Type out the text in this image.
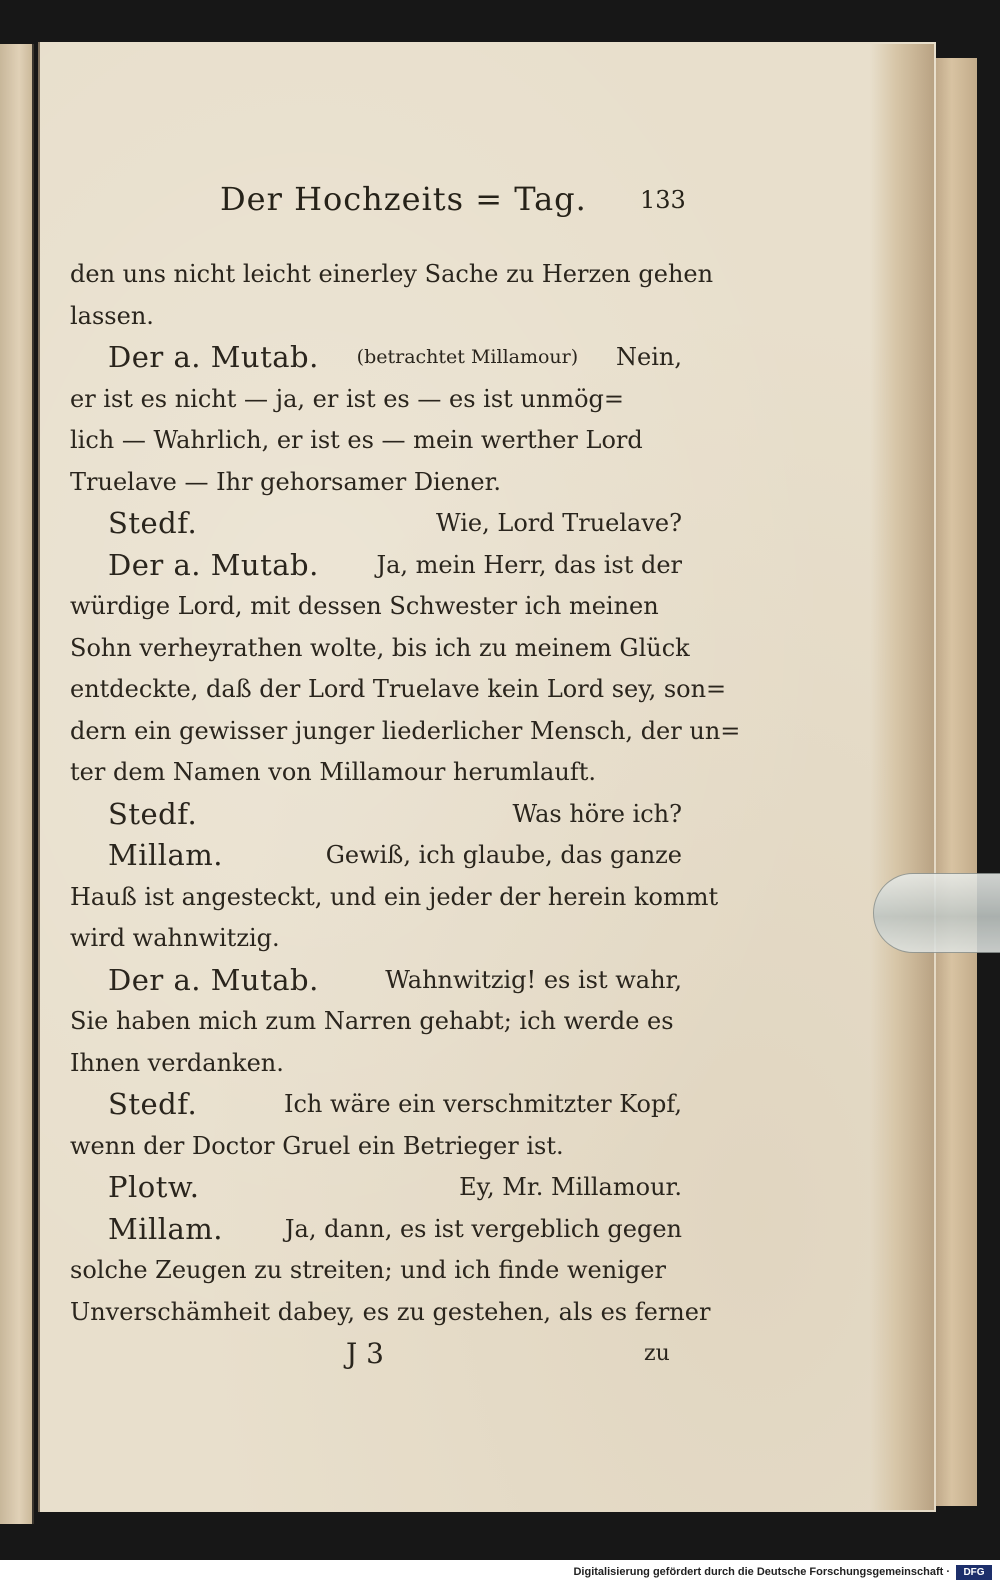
Der Hochzeits = Tag. 133
den uns nicht leicht einerley Sache zu Herzen gehen
lassen.
Der a. Mutab. (betrachtet Millamour) Nein,
er ist es nicht — ja, er ist es — es ist unmög=
lich — Wahrlich, er ist es — mein werther Lord
Truelave — Ihr gehorsamer Diener.
Stedf.	Wie, Lord Truelave?
Der a. Mutab. Ja, mein Herr, das ist der
würdige Lord, mit dessen Schwester ich meinen
Sohn verheyrathen wolte, bis ich zu meinem Glück
entdeckte, daß der Lord Truelave kein Lord sey, son=
dern ein gewisser junger liederlicher Mensch, der un=
ter dem Namen von Millamour herumlauft.
Stedf.	Was höre ich?
Millam.	Gewiß, ich glaube, das ganze
Hauß ist angesteckt, und ein jeder der herein kommt
wird wahnwitzig.
Der a. Mutab.	Wahnwitzig! es ist wahr,
Sie haben mich zum Narren gehabt; ich werde es
Ihnen verdanken.
Stedf.	Ich wäre ein verschmitzter Kopf,
wenn der Doctor Gruel ein Betrieger ist.
Plotw.	Ey, Mr. Millamour.
Millam.	Ja, dann, es ist vergeblich gegen
solche Zeugen zu streiten; und ich finde weniger
Unverschämheit dabey, es zu gestehen, als es ferner
J 3	zu
Digitalisierung gefördert durch die Deutsche Forschungsgemeinschaft ·	DFG
